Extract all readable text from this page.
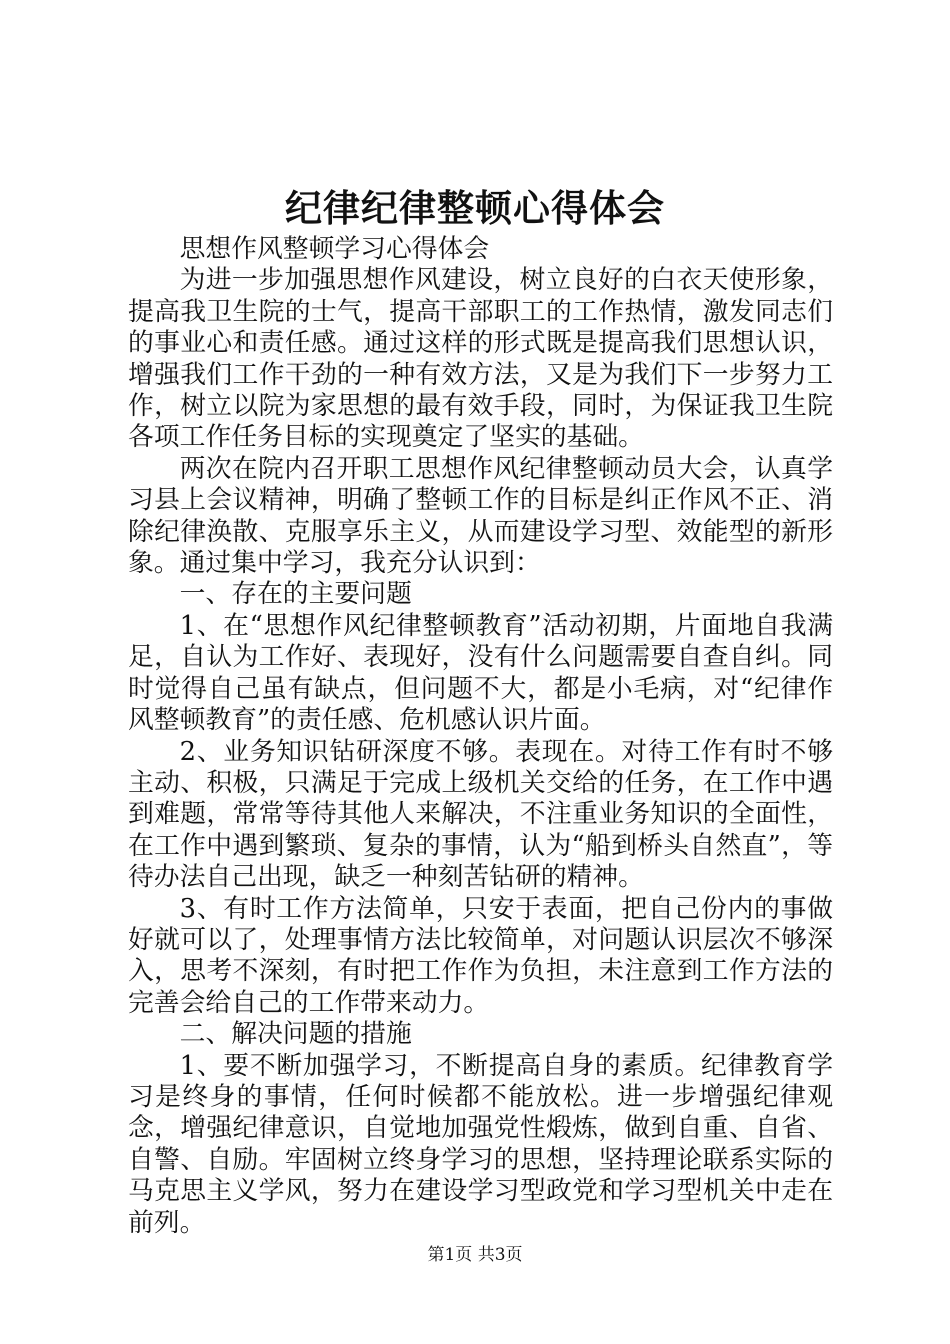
纪律纪律整顿心得体会

思想作风整顿学习心得体会

为进一步加强思想作风建设，树立良好的白衣天使形象，提高我卫生院的士气，提高干部职工的工作热情，激发同志们的事业心和责任感。通过这样的形式既是提高我们思想认识，增强我们工作干劲的一种有效方法，又是为我们下一步努力工作，树立以院为家思想的最有效手段，同时，为保证我卫生院各项工作任务目标的实现奠定了坚实的基础。

两次在院内召开职工思想作风纪律整顿动员大会，认真学习县上会议精神，明确了整顿工作的目标是纠正作风不正、消除纪律涣散、克服享乐主义，从而建设学习型、效能型的新形象。通过集中学习，我充分认识到：

一、存在的主要问题

1、在“思想作风纪律整顿教育”活动初期，片面地自我满足，自认为工作好、表现好，没有什么问题需要自查自纠。同时觉得自己虽有缺点，但问题不大，都是小毛病，对“纪律作风整顿教育”的责任感、危机感认识片面。

2、业务知识钻研深度不够。表现在。对待工作有时不够主动、积极，只满足于完成上级机关交给的任务，在工作中遇到难题，常常等待其他人来解决，不注重业务知识的全面性，在工作中遇到繁琐、复杂的事情，认为“船到桥头自然直”，等待办法自己出现，缺乏一种刻苦钻研的精神。

3、有时工作方法简单，只安于表面，把自己份内的事做好就可以了，处理事情方法比较简单，对问题认识层次不够深入，思考不深刻，有时把工作作为负担，未注意到工作方法的完善会给自己的工作带来动力。

二、解决问题的措施

1、要不断加强学习，不断提高自身的素质。纪律教育学习是终身的事情，任何时候都不能放松。进一步增强纪律观念，增强纪律意识，自觉地加强党性煅炼，做到自重、自省、自警、自励。牢固树立终身学习的思想，坚持理论联系实际的马克思主义学风，努力在建设学习型政党和学习型机关中走在前列。

第1页 共3页
